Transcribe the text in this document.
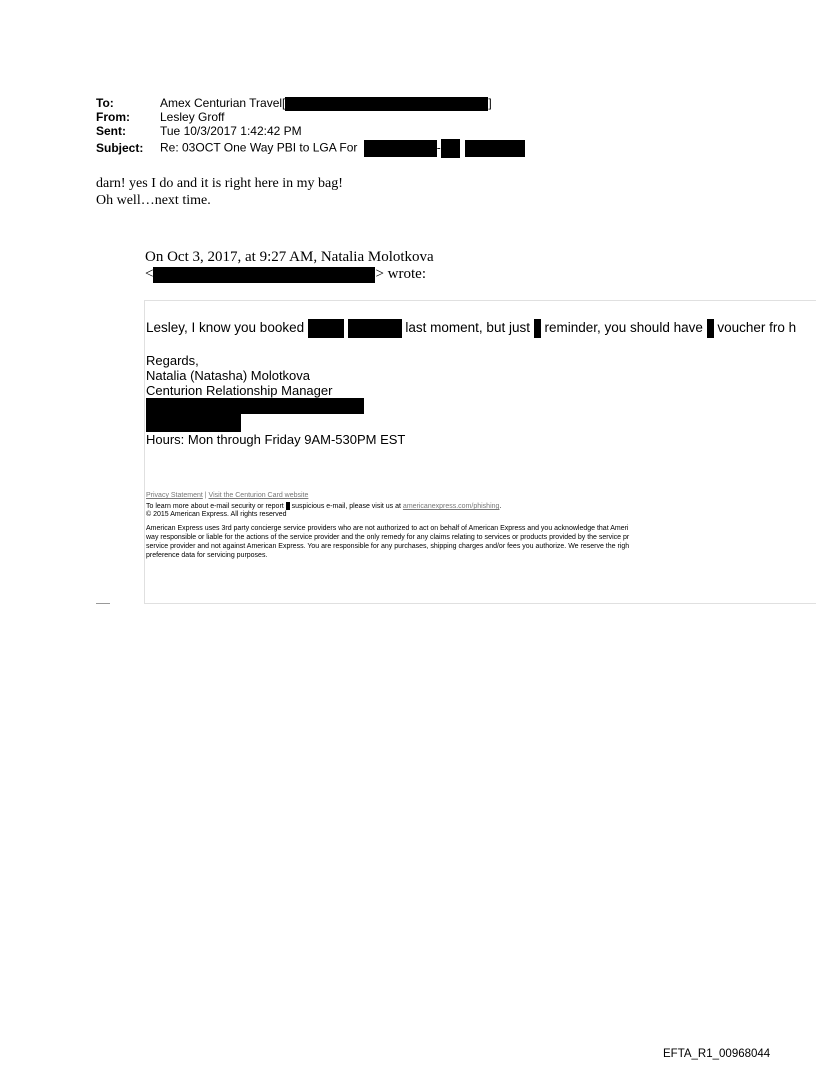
To:	Amex Centurian Travel[	]
From:	Lesley Groff
Sent:	Tue 10/3/2017 1:42:42 PM
Subject: Re: 03OCT One Way PBI to LGA For	-
darn! yes I do and it is right here in my bag!
Oh well…next time.
On Oct 3, 2017, at 9:27 AM, Natalia Molotkova
<	> wrote:
Lesley, I know you booked	last moment, but just reminder, you should have voucher fro h
Regards,
Natalia (Natasha) Molotkova
Centurion Relationship Manager
Hours: Mon through Friday 9AM-530PM EST
Privacy Statement | Visit the Centurion Card website
To learn more about e-mail security or report suspicious e-mail, please visit us at americanexpress.com/phishing.
© 2015 American Express. All rights reserved
American Express uses 3rd party concierge service providers who are not authorized to act on behalf of American Express and you acknowledge that Ameri
way responsible or liable for the actions of the service provider and the only remedy for any claims relating to services or products provided by the service pr
service provider and not against American Express. You are responsible for any purchases, shipping charges and/or fees you authorize. We reserve the righ
preference data for servicing purposes.
EFTA_R1_00968044
